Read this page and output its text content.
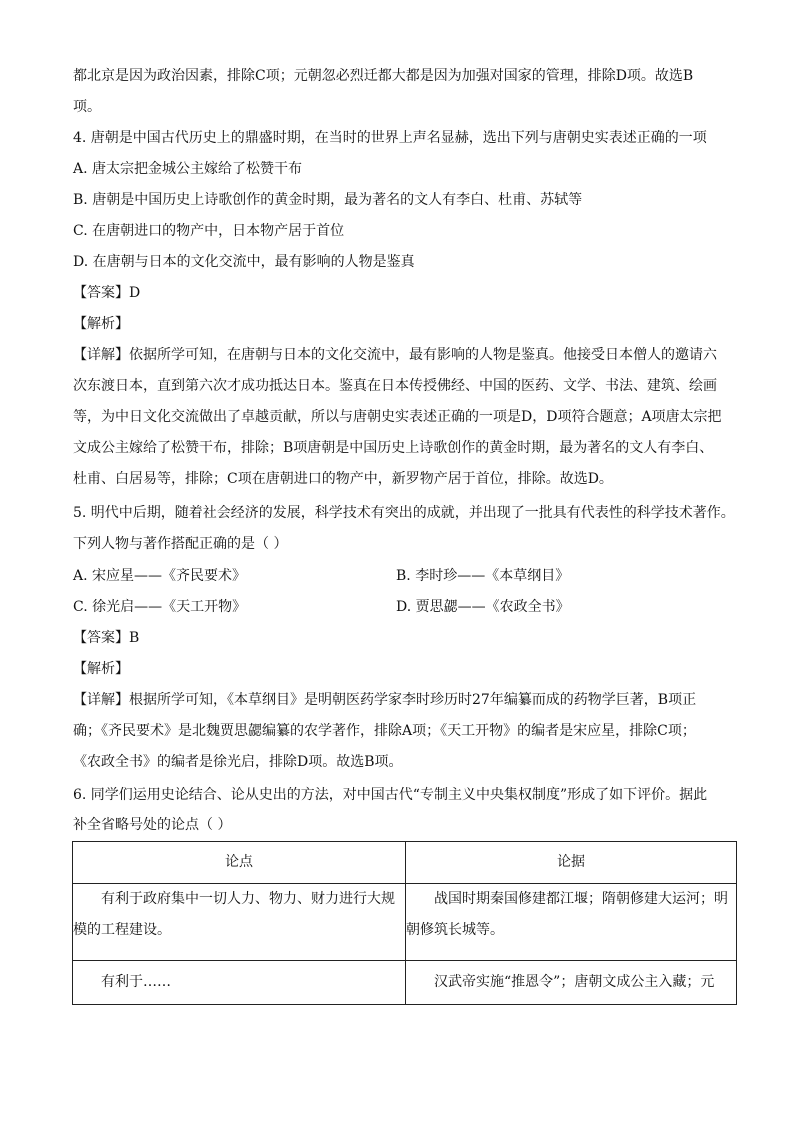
都北京是因为政治因素，排除C项；元朝忽必烈迁都大都是因为加强对国家的管理，排除D项。故选B
项。
4. 唐朝是中国古代历史上的鼎盛时期，在当时的世界上声名显赫，选出下列与唐朝史实表述正确的一项
A. 唐太宗把金城公主嫁给了松赞干布
B. 唐朝是中国历史上诗歌创作的黄金时期，最为著名的文人有李白、杜甫、苏轼等
C. 在唐朝进口的物产中，日本物产居于首位
D. 在唐朝与日本的文化交流中，最有影响的人物是鉴真
【答案】D
【解析】
【详解】依据所学可知，在唐朝与日本的文化交流中，最有影响的人物是鉴真。他接受日本僧人的邀请六
次东渡日本，直到第六次才成功抵达日本。鉴真在日本传授佛经、中国的医药、文学、书法、建筑、绘画
等，为中日文化交流做出了卓越贡献，所以与唐朝史实表述正确的一项是D，D项符合题意；A项唐太宗把
文成公主嫁给了松赞干布，排除；B项唐朝是中国历史上诗歌创作的黄金时期，最为著名的文人有李白、
杜甫、白居易等，排除；C项在唐朝进口的物产中，新罗物产居于首位，排除。故选D。
5. 明代中后期，随着社会经济的发展，科学技术有突出的成就，并出现了一批具有代表性的科学技术著作。
下列人物与著作搭配正确的是（ ）
A. 宋应星——《齐民要术》	B. 李时珍——《本草纲目》
C. 徐光启——《天工开物》	D. 贾思勰——《农政全书》
【答案】B
【解析】
【详解】根据所学可知，《本草纲目》是明朝医药学家李时珍历时27年编纂而成的药物学巨著，B项正
确；《齐民要术》是北魏贾思勰编纂的农学著作，排除A项；《天工开物》的编者是宋应星，排除C项；
《农政全书》的编者是徐光启，排除D项。故选B项。
6. 同学们运用史论结合、论从史出的方法，对中国古代“专制主义中央集权制度”形成了如下评价。据此
补全省略号处的论点（ ）
论点	论据
有利于政府集中一切人力、物力、财力进行大规模的工程建设。	战国时期秦国修建都江堰；隋朝修建大运河；明朝修筑长城等。
有利于……	汉武帝实施“推恩令”；唐朝文成公主入藏；元
